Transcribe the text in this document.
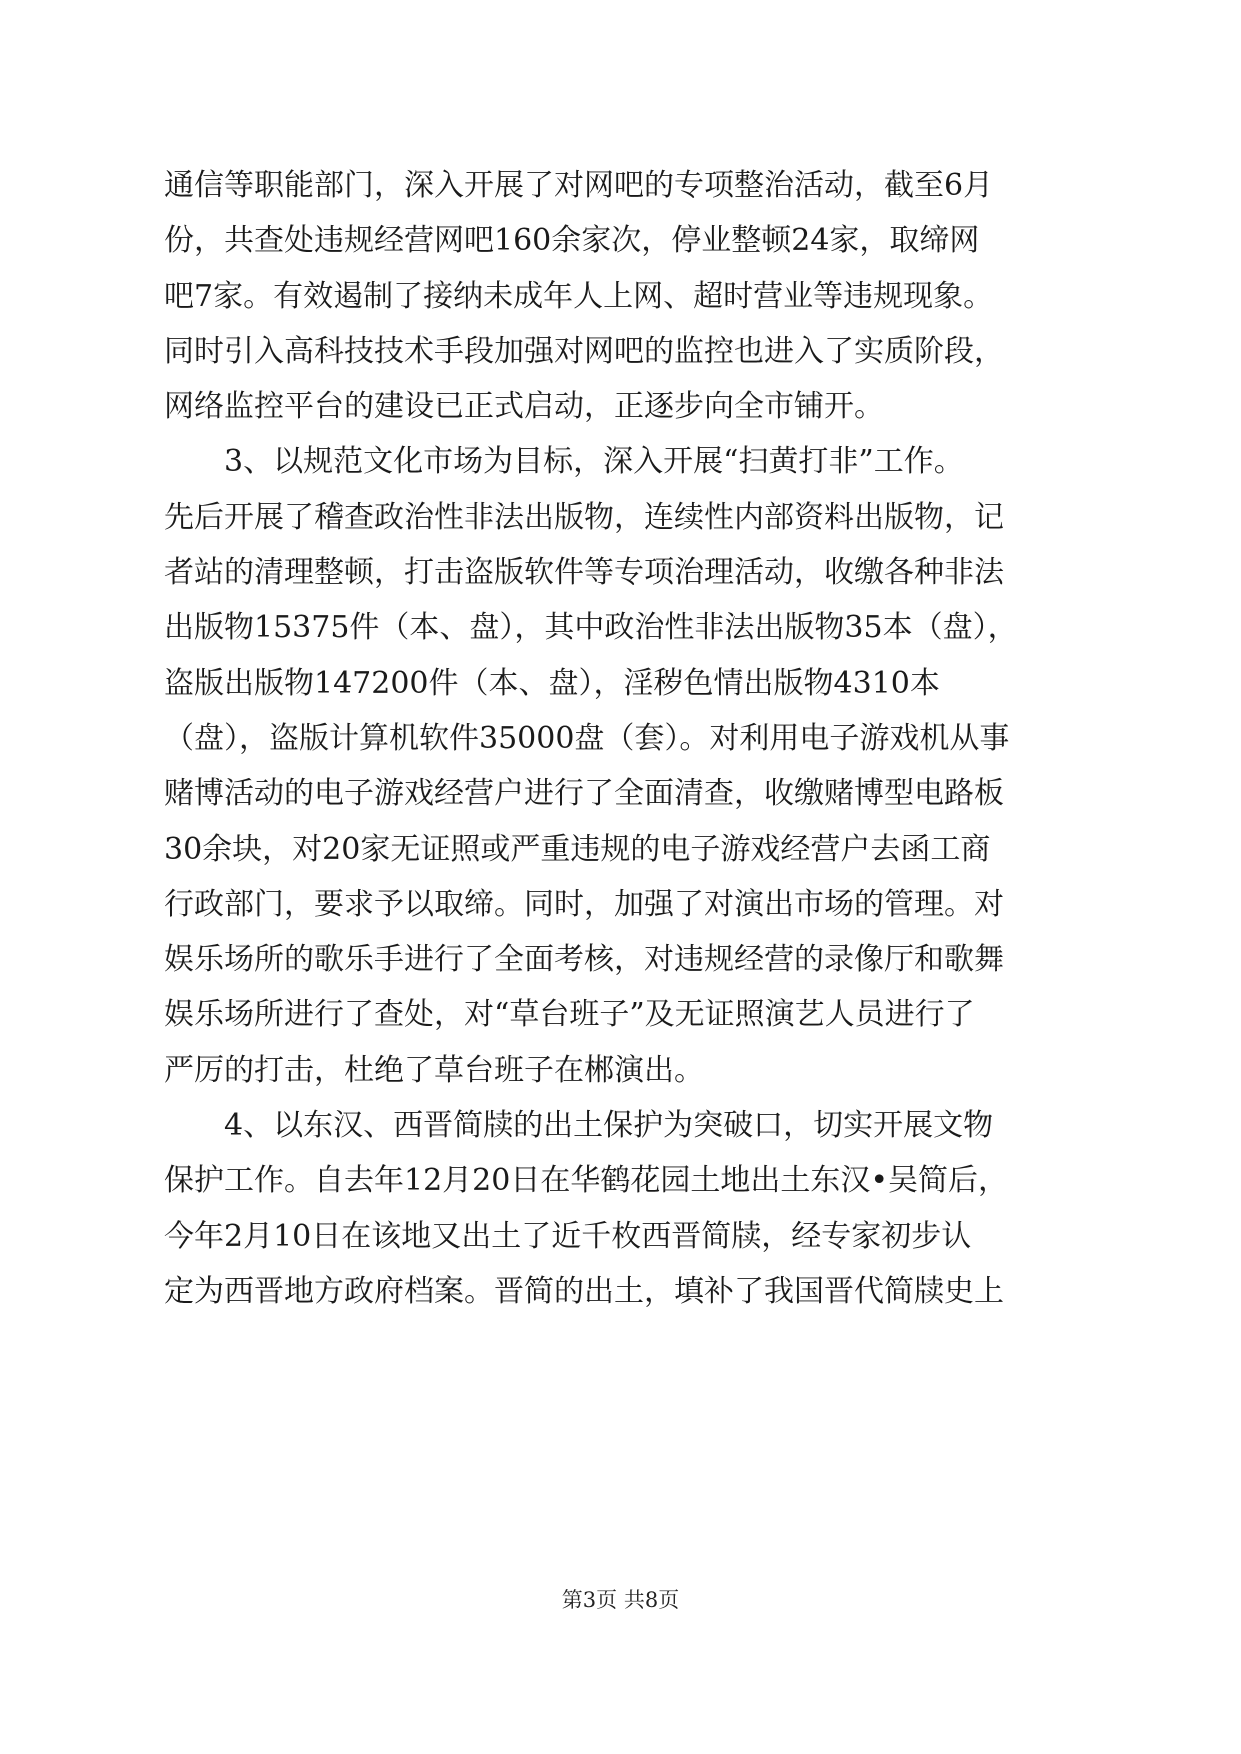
通信等职能部门，深入开展了对网吧的专项整治活动，截至6月
份，共查处违规经营网吧160余家次，停业整顿24家，取缔网
吧7家。有效遏制了接纳未成年人上网、超时营业等违规现象。
同时引入高科技技术手段加强对网吧的监控也进入了实质阶段，
网络监控平台的建设已正式启动，正逐步向全市铺开。
3、以规范文化市场为目标，深入开展“扫黄打非”工作。
先后开展了稽查政治性非法出版物，连续性内部资料出版物，记
者站的清理整顿，打击盗版软件等专项治理活动，收缴各种非法
出版物15375件（本、盘），其中政治性非法出版物35本（盘），
盗版出版物147200件（本、盘），淫秽色情出版物4310本
（盘），盗版计算机软件35000盘（套）。对利用电子游戏机从事
赌博活动的电子游戏经营户进行了全面清查，收缴赌博型电路板
30余块，对20家无证照或严重违规的电子游戏经营户去函工商
行政部门，要求予以取缔。同时，加强了对演出市场的管理。对
娱乐场所的歌乐手进行了全面考核，对违规经营的录像厅和歌舞
娱乐场所进行了查处，对“草台班子”及无证照演艺人员进行了
严厉的打击，杜绝了草台班子在郴演出。
4、以东汉、西晋简牍的出土保护为突破口，切实开展文物
保护工作。自去年12月20日在华鹤花园土地出土东汉•吴简后，
今年2月10日在该地又出土了近千枚西晋简牍，经专家初步认
定为西晋地方政府档案。晋简的出土，填补了我国晋代简牍史上
第3页 共8页
